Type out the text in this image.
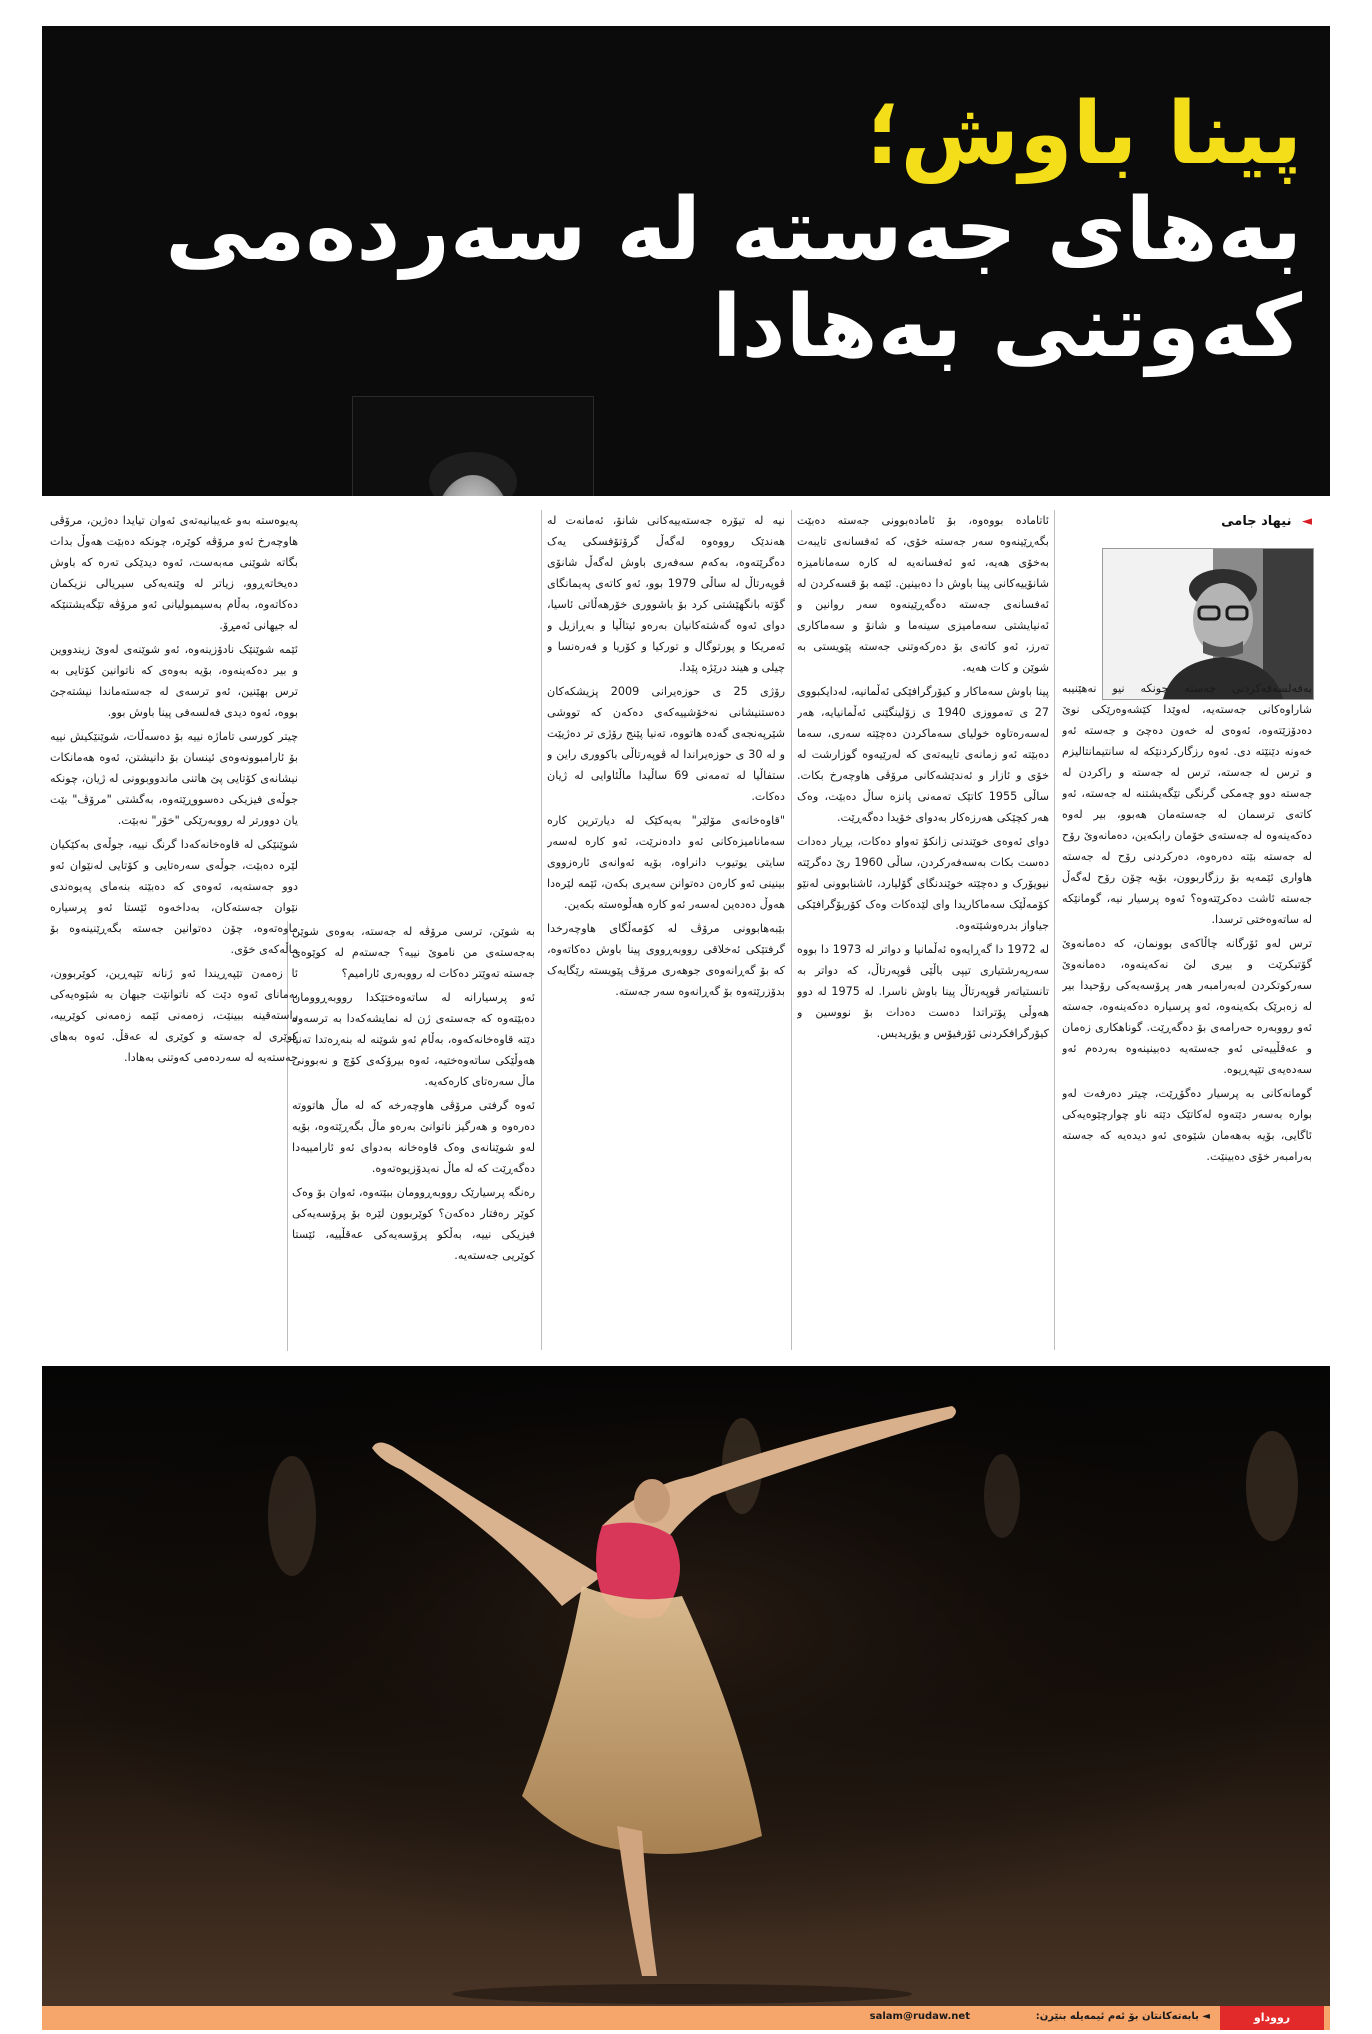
پینا باوش؛
بەهای جەستە لە سەردەمی
کەوتنی بەهادا
◄ نیهاد جامی

بەفەلسەفەکردنی جەستە چونکە نیو نەهێنیبە شاراوەکانی جەستەیە، لەوێدا کێشەوەرێکی نوێ دەدۆزێتەوە، ئەوەی لە خەون دەچێ و جەستە ئەو خەونە دێنێتە دی. ئەوە رزگارکردنێکە لە سانتیمانتالیزم و ترس لە جەستە، ترس لە جەستە و راکردن لە جەستە دوو چەمکی گرنگی تێگەیشتنە لە جەستە، ئەو کاتەی ترسمان لە جەستەمان هەبوو، بیر لەوە دەکەینەوە لە جەستەی خۆمان رابکەین، دەمانەوێ رۆح لە جەستە بێتە دەرەوە، دەرکردنی رۆح لە جەستە هاواری ئێمەیە بۆ رزگاربوون، بۆیە چۆن رۆح لەگەڵ جەستە ئاشت دەکرێتەوە؟ ئەوە پرسیار نیە، گومانێکە لە ساتەوەختی ترسدا.

ترس لەو ئۆرگانە چاڵاکەی بوونمان، کە دەمانەوێ گۆتبکرێت و بیری لێ نەکەینەوە، دەمانەوێ سەرکوتکردن لەبەرامبەر هەر پرۆسەیەکی رۆحیدا بیر لە زەبرێک بکەینەوە، ئەو پرسیارە دەکەینەوە، جەستە ئەو رووبەرە حەرامەی بۆ دەگەڕێت. گوناهکاری زەمان و عەقڵییەتی ئەو جەستەیە دەبینینەوە بەردەم ئەو سەدەیەی تێپەڕیوە.

گومانەکانی بە پرسیار دەگۆڕێت، چیتر دەرفەت لەو بوارە بەسەر دێتەوە لەکاتێک دێتە ناو چوارچێوەیەکی ئاگایی، بۆیە بەهەمان شێوەی ئەو دیدەیە کە جەستە بەرامبەر خۆی دەبینێت.

ئاتامادە بووەوە، بۆ ئامادەبوونی جەستە دەبێت بگەڕێینەوە سەر جەستە خۆی، کە ئەفسانەی تایبەت بەخۆی هەیە، ئەو ئەفسانەیە لە کارە سەمانامیزە شانۆییەکانی پینا باوش دا دەبینین. ئێمە بۆ قسەکردن لە ئەفسانەی جەستە دەگەڕێینەوە سەر روانین و ئەنیایشتی سەمامیزی سینەما و شانۆ و سەماکاری تەرز، ئەو کاتەی بۆ دەرکەوتنی جەستە پێویستی بە شوێن و کات هەیە.

پینا باوش سەماکار و کیۆرگرافێکی ئەڵمانیە، لەدایکبووی 27 ی تەمووزی 1940 ی زۆلینگێنی ئەڵمانیایە، هەر لەسەرەتاوە خولیای سەماکردن دەچێتە سەری، سەما دەبێتە ئەو زمانەی تایبەتەی کە لەرێیەوە گوزارشت لە خۆی و ئازار و ئەندێشەکانی مرۆڤی هاوچەرخ بکات. ساڵی 1955 کاتێک تەمەنی پانزە ساڵ دەبێت، وەک هەر کچێکی هەرزەکار بەدوای خۆیدا دەگەڕێت.

دوای ئەوەی خوێندنی زانکۆ تەواو دەکات، بڕیار دەدات دەست بکات بەسەفەرکردن، ساڵی 1960 رێ دەگرێتە نیویۆرک و دەچێتە خوێندنگای گۆلیارد، ئاشنابوونی لەنێو کۆمەڵێک سەماکاریدا وای لێدەکات وەک کۆریۆگرافێکی جیاواز بدرەوشێتەوە.

لە 1972 دا گەڕایەوە ئەڵمانیا و دواتر لە 1973 دا بووە سەرپەرشتیاری تیپی باڵێی ڤوپەرتاڵ، کە دواتر بە تانستیاتەر ڤوپەرتاڵ پینا باوش ناسرا. لە 1975 لە دوو هەوڵی پۆتراتدا دەست دەدات بۆ نووسین و کیۆرگرافکردنی ئۆرفیۆس و یۆریدیس.

نیە لە تیۆرە جەستەییەکانی شانۆ، ئەمانەت لە هەندێک رووەوە لەگەڵ گرۆتۆفسکی یەک دەگرێتەوە، بەکەم سەفەری باوش لەگەڵ شانۆی ڤوپەرتاڵ لە ساڵی 1979 بوو، ئەو کاتەی پەیمانگای گۆتە بانگهێشتی کرد بۆ باشووری خۆرهەڵاتی ئاسیا، دوای ئەوە گەشتەکانیان بەرەو ئیتاڵیا و بەڕازیل و ئەمریکا و پورتوگال و تورکیا و کۆریا و فەرەنسا و چیلی و هیند درێژە پێدا.

رۆژی 25 ی حوزەیرانی 2009 پزیشکەکان دەستنیشانی نەخۆشییەکەی دەکەن کە تووشی شێرپەنجەی گەدە هاتووە، تەنیا پێنج رۆژی تر دەژیێت و لە 30 ی حوزەیراندا لە ڤوپەرتاڵی باکووری راین و ستفاڵیا لە تەمەنی 69 ساڵیدا ماڵئاوایی لە ژیان دەکات.

"قاوەخانەی مۆلێر" بەیەکێک لە دیارترین کارە سەمانامیزەکانی ئەو دادەنرێت، ئەو کارە لەسەر سایتی یوتیوب دانراوە، بۆیە ئەوانەی ئارەزووی بینینی ئەو کارەن دەتوانن سەیری بکەن، ئێمە لێرەدا هەوڵ دەدەین لەسەر ئەو کارە هەڵوەستە بکەین.

بێبەهابوونی مرۆڤ لە کۆمەڵگای هاوچەرخدا گرفتێکی ئەخلاقی رووبەڕووی پینا باوش دەکاتەوە، کە بۆ گەڕانەوەی جوهەری مرۆڤ پێویستە رێگایەک بدۆزرێتەوە بۆ گەڕانەوە سەر جەستە.

بە شوێن، ترسی مرۆڤە لە جەستە، بەوەی شوێن بەجەستەی من ناموێ نییە؟ جەستەم لە کوێوەی جەستە تەوێتر دەکات لە رووبەری ئارامیم؟

ئەو پرسیارانە لە ساتەوەختێکدا رووبەڕوومان دەبێتەوە کە جەستەی ژن لە نمایشەکەدا بە ترسەوە دێتە قاوەخانەکەوە، بەڵام ئەو شوێنە لە بنەڕەتدا تەنیا هەوڵێکی ساتەوەختیە، ئەوە بیرۆکەی کۆچ و نەبوونی ماڵ سەرەتای کارەکەیە.

ئەوە گرفتی مرۆڤی هاوچەرخە کە لە ماڵ هاتووتە دەرەوە و هەرگیز ناتوانێ بەرەو ماڵ بگەڕێتەوە، بۆیە لەو شوێنانەی وەک قاوەخانە بەدوای ئەو ئارامییەدا دەگەڕێت کە لە ماڵ نەیدۆزیوەتەوە.

رەنگە پرسیارێک رووبەڕوومان ببێتەوە، ئەوان بۆ وەک کوێر رەفتار دەکەن؟ کوێربوون لێرە بۆ پرۆسەیەکی فیزیکی نییە، بەڵکو پرۆسەیەکی عەقڵییە، ئێستا کوێریی جەستەیە.

پەیوەستە بەو غەیبانیەتەی ئەوان تیایدا دەژین، مرۆڤی هاوچەرخ ئەو مرۆڤە کوێرە، چونکە دەبێت هەوڵ بدات بگاتە شوێنی مەبەست، ئەوە دیدێکی تەرە کە باوش دەیخاتەڕوو، زیاتر لە وێنەیەکی سیریالی نزیکمان دەکاتەوە، بەڵام بەسیمبولیانی ئەو مرۆڤە تێگەیشتنێکە لە جیهانی ئەمڕۆ.

ئێمە شوێنێک نادۆزینەوە، ئەو شوێنەی لەوێ زیندووین و بیر دەکەینەوە، بۆیە بەوەی کە ناتوانین کۆتایی بە ترس بهێنین، ئەو ترسەی لە جەستەماندا نیشتەجێ بووە، ئەوە دیدی فەلسەفی پینا باوش بوو.

چیتر کورسی تاماژە نییە بۆ دەسەڵات، شوێنێکیش نییە بۆ ئارامبوونەوەی ئینسان بۆ دانیشتن، ئەوە هەمانکات نیشانەی کۆتایی پێ هاتنی ماندووبوونی لە ژیان، چونکە جوڵەی فیزیکی دەسووڕێتەوە، بەگشتی "مرۆڤ" بێت یان دوورتر لە رووبەرێکی "خۆر" نەبێت.

شوێنێکی لە قاوەخانەکەدا گرنگ نییە، جوڵەی بەکێکیان لێرە دەبێت، جوڵەی سەرەتایی و کۆتایی لەنێوان ئەو دوو جەستەیە، ئەوەی کە دەبێتە بنەمای پەیوەندی نێوان جەستەکان، بەداخەوە ئێستا ئەو پرسیارە ماوەتەوە، چۆن دەتوانین جەستە بگەڕێنینەوە بۆ ماڵەکەی خۆی.

ئا زەمەن تێپەڕیندا ئەو ژنانە تێپەڕین، کوێربوون، بەمانای ئەوە دێت کە ناتوانێت جیهان بە شێوەیەکی راستەقینە ببینێت، زەمەنی ئێمە زەمەنی کوێرییە، کوێری لە جەستە و کوێری لە عەقڵ. ئەوە بەهای جەستەیە لە سەردەمی کەوتنی بەهادا.

رووداو
◄ بابەتەکانتان بۆ ئەم ئیمەیلە بنێرن:
salam@rudaw.net
